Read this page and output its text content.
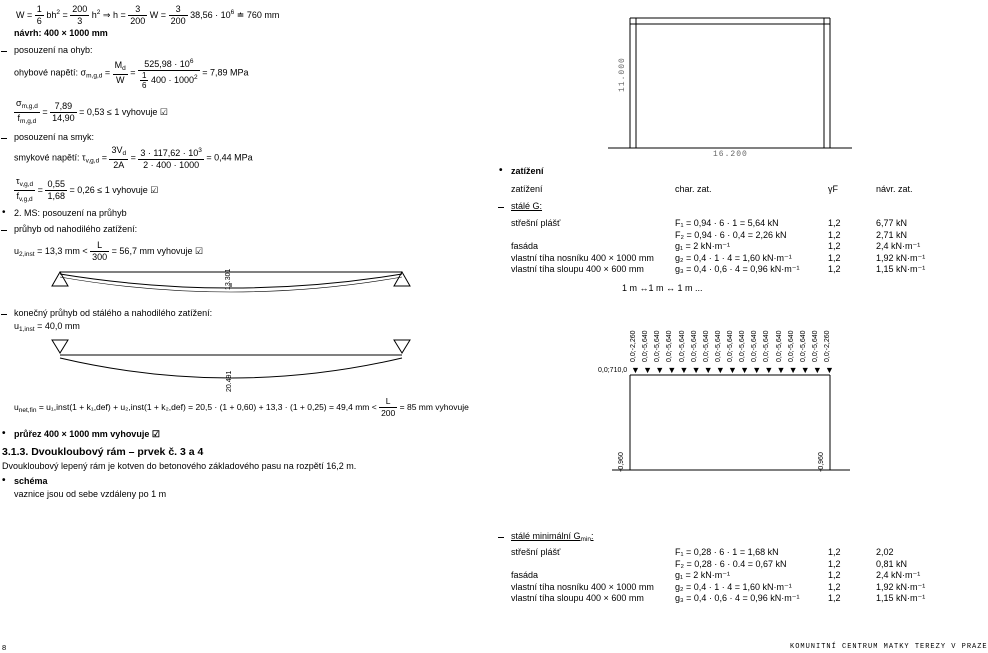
$W = \frac{1}{6} bh^2 = \frac{200}{3} h^2$ ⇒ $h = \frac{3}{200}$ $W = \frac{3}{200} 38,56 \cdot 10^6$ ≐ 760 mm
návrh: 400 × 1000 mm
posouzení na ohyb:
ohybové napětí: $\sigma_{m,g,d} = \frac{M_d}{W} = \frac{525,98 \cdot 10^6}{\frac{1}{6} 400 \cdot 1000^2} = 7,89$ MPa
$\frac{\sigma_{m,g,d}}{f_{m,g,d}} = \frac{7,89}{14,90} = 0,53 \le 1$ vyhovuje ☑
posouzení na smyk:
smykové napětí: $\tau_{v,g,d} = \frac{3V_d}{2A} = \frac{3 \cdot 117,62 \cdot 10^3}{2 \cdot 400 \cdot 1000} = 0,44$ MPa
$\frac{\tau_{v,g,d}}{f_{v,g,d}} = \frac{0,55}{1,68} = 0,26 \le 1$ vyhovuje ☑
• 2. MS: posouzení na průhyb
průhyb od nahodilého zatížení:
$u_{2,inst} = 13,3$ mm < $\frac{L}{300} = 56,7$ mm vyhovuje ☑
13.301
konečný průhyb od stálého a nahodilého zatížení:
$u_{1,inst} = 40,0$ mm
20.491
$u_{net,fin}$ = u₁,inst(1 + k₁,def) + u₂,inst(1 + k₂,def) = 20,5 · (1 + 0,60) + 13,3 · (1 + 0,25) = 49,4 mm < $\frac{L}{200} = 85$ mm vyhovuje
• průřez 400 × 1000 mm vyhovuje ☑
3.1.3. Dvoukloubový rám – prvek č. 3 a 4
Dvoukloubový lepený rám je kotven do betonového základového pasu na rozpětí 16,2 m.
• schéma
vaznice jsou od sebe vzdáleny po 1 m
11.000
16.200
• zatížení
zatížení	char. zat.	γF	návr. zat.
stálé G:
střešní plášť	F₁ = 0,94 · 6 · 1 = 5,64 kN	1,2	6,77 kN
F₂ = 0,94 · 6 · 0,4 = 2,26 kN	1,2	2,71 kN
fasáda	g₁ = 2 kN·m⁻¹	1,2	2,4 kN·m⁻¹
vlastní tíha nosníku 400 × 1000 mm g₂ = 0,4 · 1 · 4 = 1,60 kN·m⁻¹	1,2	1,92 kN·m⁻¹
vlastní tíha sloupu 400 × 600 mm	g₃ = 0,4 · 0,6 · 4 = 0,96 kN·m⁻¹	1,2	1,15 kN·m⁻¹
1 m ↔1 m ↔ 1 m ...
▼
0,0;-2,260
▼
0,0;-5,640
▼
0,0;-5,640
▼
0,0;-5,640
▼
0,0;-5,640
▼
0,0;-5,640
▼
0,0;-5,640
▼
0,0;-5,640
▼
0,0;-5,640
▼
0,0;-5,640
▼
0,0;-5,640
▼
0,0;-5,640
▼
0,0;-5,640
▼
0,0;-5,640
▼
0,0;-5,640
▼
0,0;-5,640
▼
0,0;-2,260
0,0;710,0
-0,960	-0,960
stálé minimální $G_{min}$:
střešní plášť	F₁ = 0,28 · 6 · 1 = 1,68 kN	1,2	2,02
F₂ = 0,28 · 6 · 0.4 = 0,67 kN	1,2	0,81 kN
fasáda	g₁ = 2 kN·m⁻¹	1,2	2,4 kN·m⁻¹
vlastní tíha nosníku 400 × 1000 mm g₂ = 0,4 · 1 · 4 = 1,60 kN·m⁻¹	1,2	1,92 kN·m⁻¹
vlastní tíha sloupu 400 × 600 mm	g₃ = 0,4 · 0,6 · 4 = 0,96 kN·m⁻¹	1,2	1,15 kN·m⁻¹
8	KOMUNITNÍ CENTRUM MATKY TEREZY V PRAZE
